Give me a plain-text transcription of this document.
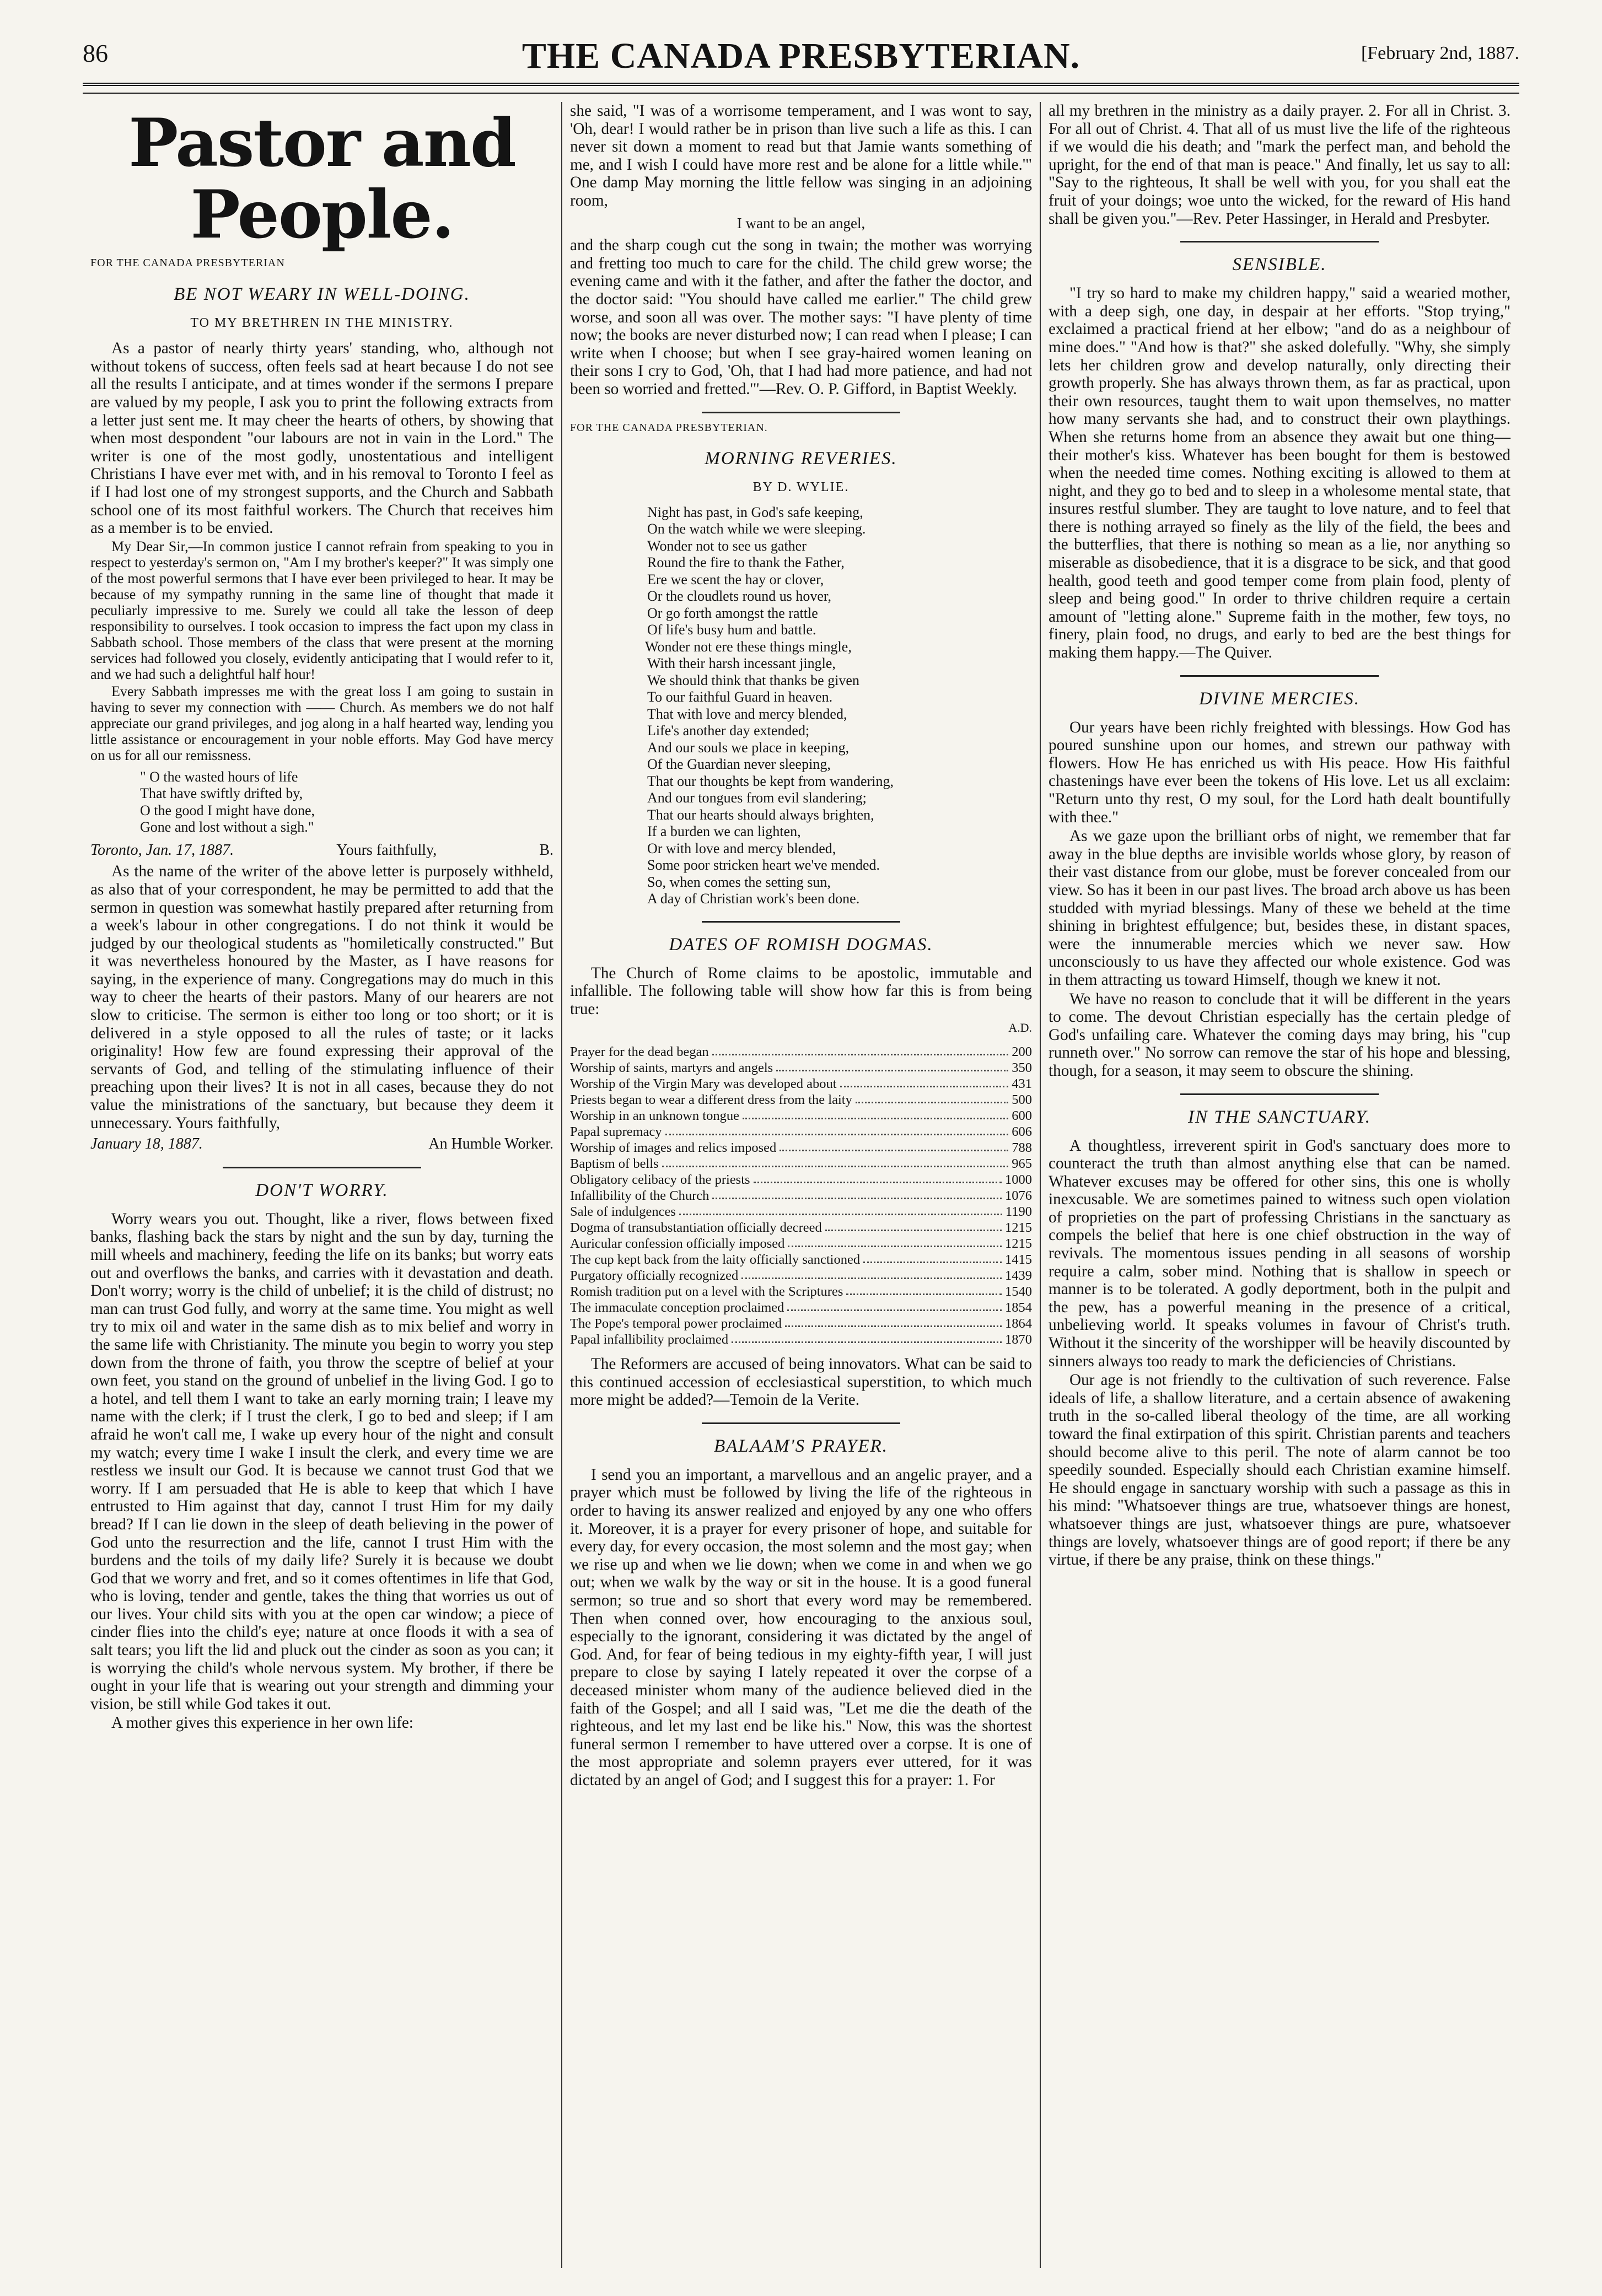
86	THE CANADA PRESBYTERIAN.	[February 2nd, 1887.
Pastor and People.
FOR THE CANADA PRESBYTERIAN
BE NOT WEARY IN WELL-DOING.
TO MY BRETHREN IN THE MINISTRY.

As a pastor of nearly thirty years' standing, who, although not without tokens of success, often feels sad at heart because I do not see all the results I anticipate, and at times wonder if the sermons I prepare are valued by my people, I ask you to print the following extracts from a letter just sent me. It may cheer the hearts of others, by showing that when most despondent "our labours are not in vain in the Lord." The writer is one of the most godly, unostentatious and intelligent Christians I have ever met with, and in his removal to Toronto I feel as if I had lost one of my strongest supports, and the Church and Sabbath school one of its most faithful workers. The Church that receives him as a member is to be envied.

My Dear Sir,—In common justice I cannot refrain from speaking to you in respect to yesterday's sermon on, "Am I my brother's keeper?" It was simply one of the most powerful sermons that I have ever been privileged to hear. It may be because of my sympathy running in the same line of thought that made it peculiarly impressive to me. Surely we could all take the lesson of deep responsibility to ourselves. I took occasion to impress the fact upon my class in Sabbath school. Those members of the class that were present at the morning services had followed you closely, evidently anticipating that I would refer to it, and we had such a delightful half hour!

Every Sabbath impresses me with the great loss I am going to sustain in having to sever my connection with —— Church. As members we do not half appreciate our grand privileges, and jog along in a half hearted way, lending you little assistance or encouragement in your noble efforts. May God have mercy on us for all our remissness.

" O the wasted hours of life
That have swiftly drifted by,
O the good I might have done,
Gone and lost without a sigh."
Toronto, Jan. 17, 1887.	Yours faithfully,	B.

As the name of the writer of the above letter is purposely withheld, as also that of your correspondent, he may be permitted to add that the sermon in question was somewhat hastily prepared after returning from a week's labour in other congregations. I do not think it would be judged by our theological students as "homiletically constructed." But it was nevertheless honoured by the Master, as I have reasons for saying, in the experience of many. Congregations may do much in this way to cheer the hearts of their pastors. Many of our hearers are not slow to criticise. The sermon is either too long or too short; or it is delivered in a style opposed to all the rules of taste; or it lacks originality! How few are found expressing their approval of the servants of God, and telling of the stimulating influence of their preaching upon their lives? It is not in all cases, because they do not value the ministrations of the sanctuary, but because they deem it unnecessary. Yours faithfully,

January 18, 1887.	An Humble Worker.
DON'T WORRY.

Worry wears you out. Thought, like a river, flows between fixed banks, flashing back the stars by night and the sun by day, turning the mill wheels and machinery, feeding the life on its banks; but worry eats out and overflows the banks, and carries with it devastation and death. Don't worry; worry is the child of unbelief; it is the child of distrust; no man can trust God fully, and worry at the same time. You might as well try to mix oil and water in the same dish as to mix belief and worry in the same life with Christianity. The minute you begin to worry you step down from the throne of faith, you throw the sceptre of belief at your own feet, you stand on the ground of unbelief in the living God. I go to a hotel, and tell them I want to take an early morning train; I leave my name with the clerk; if I trust the clerk, I go to bed and sleep; if I am afraid he won't call me, I wake up every hour of the night and consult my watch; every time I wake I insult the clerk, and every time we are restless we insult our God. It is because we cannot trust God that we worry. If I am persuaded that He is able to keep that which I have entrusted to Him against that day, cannot I trust Him for my daily bread? If I can lie down in the sleep of death believing in the power of God unto the resurrection and the life, cannot I trust Him with the burdens and the toils of my daily life? Surely it is because we doubt God that we worry and fret, and so it comes oftentimes in life that God, who is loving, tender and gentle, takes the thing that worries us out of our lives. Your child sits with you at the open car window; a piece of cinder flies into the child's eye; nature at once floods it with a sea of salt tears; you lift the lid and pluck out the cinder as soon as you can; it is worrying the child's whole nervous system. My brother, if there be ought in your life that is wearing out your strength and dimming your vision, be still while God takes it out.

A mother gives this experience in her own life:

she said, "I was of a worrisome temperament, and I was wont to say, 'Oh, dear! I would rather be in prison than live such a life as this. I can never sit down a moment to read but that Jamie wants something of me, and I wish I could have more rest and be alone for a little while.'" One damp May morning the little fellow was singing in an adjoining room,

I want to be an angel,

and the sharp cough cut the song in twain; the mother was worrying and fretting too much to care for the child. The child grew worse; the evening came and with it the father, and after the father the doctor, and the doctor said: "You should have called me earlier." The child grew worse, and soon all was over. The mother says: "I have plenty of time now; the books are never disturbed now; I can read when I please; I can write when I choose; but when I see gray-haired women leaning on their sons I cry to God, 'Oh, that I had had more patience, and had not been so worried and fretted.'"—Rev. O. P. Gifford, in Baptist Weekly.

FOR THE CANADA PRESBYTERIAN.
MORNING REVERIES.
BY D. WYLIE.
Night has past, in God's safe keeping,
On the watch while we were sleeping.
Wonder not to see us gather
Round the fire to thank the Father,
Ere we scent the hay or clover,
Or the cloudlets round us hover,
Or go forth amongst the rattle
Of life's busy hum and battle.
Wonder not ere these things mingle,
With their harsh incessant jingle,
We should think that thanks be given
To our faithful Guard in heaven.
That with love and mercy blended,
Life's another day extended;
And our souls we place in keeping,
Of the Guardian never sleeping,
That our thoughts be kept from wandering,
And our tongues from evil slandering;
That our hearts should always brighten,
If a burden we can lighten,
Or with love and mercy blended,
Some poor stricken heart we've mended.
So, when comes the setting sun,
A day of Christian work's been done.
DATES OF ROMISH DOGMAS.

The Church of Rome claims to be apostolic, immutable and infallible. The following table will show how far this is from being true:

A.D.
Prayer for the dead began	200
Worship of saints, martyrs and angels	350
Worship of the Virgin Mary was developed about	431
Priests began to wear a different dress from the laity	500
Worship in an unknown tongue	600
Papal supremacy	606
Worship of images and relics imposed	788
Baptism of bells	965
Obligatory celibacy of the priests	1000
Infallibility of the Church	1076
Sale of indulgences	1190
Dogma of transubstantiation officially decreed	1215
Auricular confession officially imposed	1215
The cup kept back from the laity officially sanctioned	1415
Purgatory officially recognized	1439
Romish tradition put on a level with the Scriptures	1540
The immaculate conception proclaimed	1854
The Pope's temporal power proclaimed	1864
Papal infallibility proclaimed	1870

The Reformers are accused of being innovators. What can be said to this continued accession of ecclesiastical superstition, to which much more might be added?—Temoin de la Verite.

BALAAM'S PRAYER.

I send you an important, a marvellous and an angelic prayer, and a prayer which must be followed by living the life of the righteous in order to having its answer realized and enjoyed by any one who offers it. Moreover, it is a prayer for every prisoner of hope, and suitable for every day, for every occasion, the most solemn and the most gay; when we rise up and when we lie down; when we come in and when we go out; when we walk by the way or sit in the house. It is a good funeral sermon; so true and so short that every word may be remembered. Then when conned over, how encouraging to the anxious soul, especially to the ignorant, considering it was dictated by the angel of God. And, for fear of being tedious in my eighty-fifth year, I will just prepare to close by saying I lately repeated it over the corpse of a deceased minister whom many of the audience believed died in the faith of the Gospel; and all I said was, "Let me die the death of the righteous, and let my last end be like his." Now, this was the shortest funeral sermon I remember to have uttered over a corpse. It is one of the most appropriate and solemn prayers ever uttered, for it was dictated by an angel of God; and I suggest this for a prayer: 1. For

all my brethren in the ministry as a daily prayer. 2. For all in Christ. 3. For all out of Christ. 4. That all of us must live the life of the righteous if we would die his death; and "mark the perfect man, and behold the upright, for the end of that man is peace." And finally, let us say to all: "Say to the righteous, It shall be well with you, for you shall eat the fruit of your doings; woe unto the wicked, for the reward of His hand shall be given you."—Rev. Peter Hassinger, in Herald and Presbyter.

SENSIBLE.

"I try so hard to make my children happy," said a wearied mother, with a deep sigh, one day, in despair at her efforts. "Stop trying," exclaimed a practical friend at her elbow; "and do as a neighbour of mine does." "And how is that?" she asked dolefully. "Why, she simply lets her children grow and develop naturally, only directing their growth properly. She has always thrown them, as far as practical, upon their own resources, taught them to wait upon themselves, no matter how many servants she had, and to construct their own playthings. When she returns home from an absence they await but one thing—their mother's kiss. Whatever has been bought for them is bestowed when the needed time comes. Nothing exciting is allowed to them at night, and they go to bed and to sleep in a wholesome mental state, that insures restful slumber. They are taught to love nature, and to feel that there is nothing arrayed so finely as the lily of the field, the bees and the butterflies, that there is nothing so mean as a lie, nor anything so miserable as disobedience, that it is a disgrace to be sick, and that good health, good teeth and good temper come from plain food, plenty of sleep and being good." In order to thrive children require a certain amount of "letting alone." Supreme faith in the mother, few toys, no finery, plain food, no drugs, and early to bed are the best things for making them happy.—The Quiver.

DIVINE MERCIES.

Our years have been richly freighted with blessings. How God has poured sunshine upon our homes, and strewn our pathway with flowers. How He has enriched us with His peace. How His faithful chastenings have ever been the tokens of His love. Let us all exclaim: "Return unto thy rest, O my soul, for the Lord hath dealt bountifully with thee."

As we gaze upon the brilliant orbs of night, we remember that far away in the blue depths are invisible worlds whose glory, by reason of their vast distance from our globe, must be forever concealed from our view. So has it been in our past lives. The broad arch above us has been studded with myriad blessings. Many of these we beheld at the time shining in brightest effulgence; but, besides these, in distant spaces, were the innumerable mercies which we never saw. How unconsciously to us have they affected our whole existence. God was in them attracting us toward Himself, though we knew it not.

We have no reason to conclude that it will be different in the years to come. The devout Christian especially has the certain pledge of God's unfailing care. Whatever the coming days may bring, his "cup runneth over." No sorrow can remove the star of his hope and blessing, though, for a season, it may seem to obscure the shining.

IN THE SANCTUARY.

A thoughtless, irreverent spirit in God's sanctuary does more to counteract the truth than almost anything else that can be named. Whatever excuses may be offered for other sins, this one is wholly inexcusable. We are sometimes pained to witness such open violation of proprieties on the part of professing Christians in the sanctuary as compels the belief that here is one chief obstruction in the way of revivals. The momentous issues pending in all seasons of worship require a calm, sober mind. Nothing that is shallow in speech or manner is to be tolerated. A godly deportment, both in the pulpit and the pew, has a powerful meaning in the presence of a critical, unbelieving world. It speaks volumes in favour of Christ's truth. Without it the sincerity of the worshipper will be heavily discounted by sinners always too ready to mark the deficiencies of Christians.

Our age is not friendly to the cultivation of such reverence. False ideals of life, a shallow literature, and a certain absence of awakening truth in the so-called liberal theology of the time, are all working toward the final extirpation of this spirit. Christian parents and teachers should become alive to this peril. The note of alarm cannot be too speedily sounded. Especially should each Christian examine himself. He should engage in sanctuary worship with such a passage as this in his mind: "Whatsoever things are true, whatsoever things are honest, whatsoever things are just, whatsoever things are pure, whatsoever things are lovely, whatsoever things are of good report; if there be any virtue, if there be any praise, think on these things."
